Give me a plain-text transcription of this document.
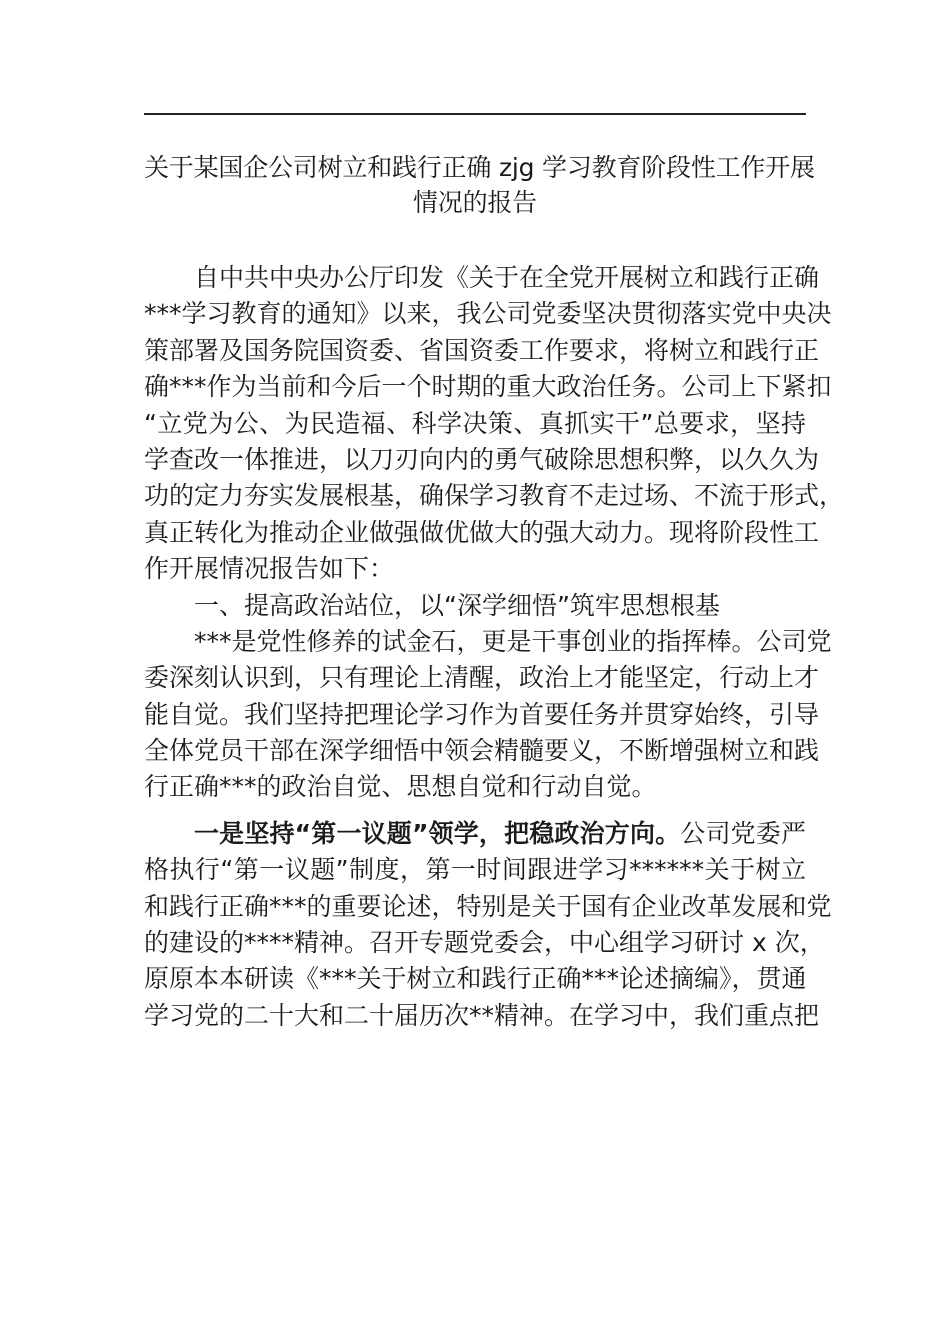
关于某国企公司树立和践行正确 zjg 学习教育阶段性工作开展
情况的报告
自中共中央办公厅印发《关于在全党开展树立和践行正确
***学习教育的通知》以来，我公司党委坚决贯彻落实党中央决
策部署及国务院国资委、省国资委工作要求，将树立和践行正
确***作为当前和今后一个时期的重大政治任务。公司上下紧扣
“立党为公、为民造福、科学决策、真抓实干”总要求，坚持
学查改一体推进，以刀刃向内的勇气破除思想积弊，以久久为
功的定力夯实发展根基，确保学习教育不走过场、不流于形式，
真正转化为推动企业做强做优做大的强大动力。现将阶段性工
作开展情况报告如下：
一、提高政治站位，以“深学细悟”筑牢思想根基
***是党性修养的试金石，更是干事创业的指挥棒。公司党
委深刻认识到，只有理论上清醒，政治上才能坚定，行动上才
能自觉。我们坚持把理论学习作为首要任务并贯穿始终，引导
全体党员干部在深学细悟中领会精髓要义，不断增强树立和践
行正确***的政治自觉、思想自觉和行动自觉。
一是坚持“第一议题”领学，把稳政治方向。公司党委严
格执行“第一议题”制度，第一时间跟进学习******关于树立
和践行正确***的重要论述，特别是关于国有企业改革发展和党
的建设的****精神。召开专题党委会，中心组学习研讨 x 次，
原原本本研读《***关于树立和践行正确***论述摘编》，贯通
学习党的二十大和二十届历次**精神。在学习中，我们重点把
